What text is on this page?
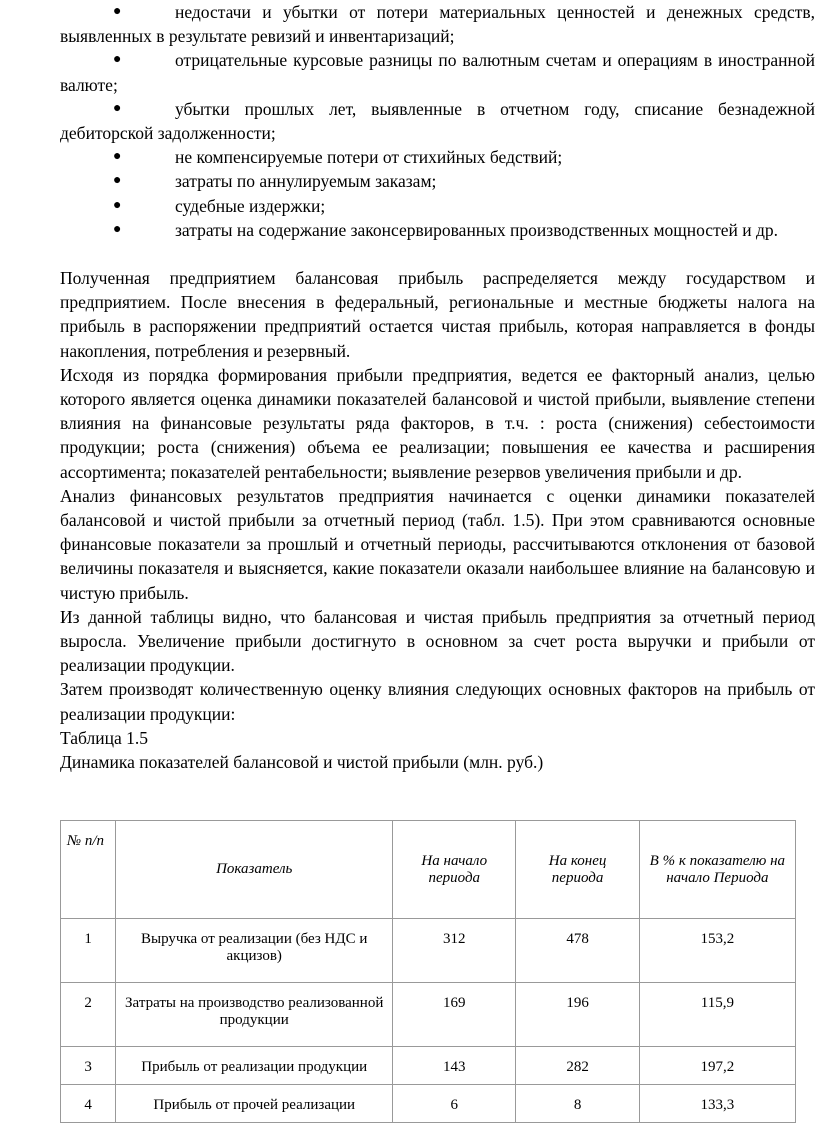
●	недостачи и убытки от потери материальных ценностей и денежных средств, выявленных в результате ревизий и инвентаризаций;
●	отрицательные курсовые разницы по валютным счетам и операциям в иностранной валюте;
●	убытки прошлых лет, выявленные в отчетном году, списание безнадежной дебиторской задолженности;
●	не компенсируемые потери от стихийных бедствий;
●	затраты по аннулируемым заказам;
●	судебные издержки;
●	затраты на содержание законсервированных производственных мощностей и др.

Полученная предприятием балансовая прибыль распределяется между государством и предприятием. После внесения в федеральный, региональные и местные бюджеты налога на прибыль в распоряжении предприятий остается чистая прибыль, которая направляется в фонды накопления, потребления и резервный.

Исходя из порядка формирования прибыли предприятия, ведется ее факторный анализ, целью которого является оценка динамики показателей балансовой и чистой прибыли, выявление степени влияния на финансовые результаты ряда факторов, в т.ч. : роста (снижения) себестоимости продукции; роста (снижения) объема ее реализации; повышения ее качества и расширения ассортимента; показателей рентабельности; выявление резервов увеличения прибыли и др.

Анализ финансовых результатов предприятия начинается с оценки динамики показателей балансовой и чистой прибыли за отчетный период (табл. 1.5). При этом сравниваются основные финансовые показатели за прошлый и отчетный периоды, рассчитываются отклонения от базовой величины показателя и выясняется, какие показатели оказали наибольшее влияние на балансовую и чистую прибыль.

Из данной таблицы видно, что балансовая и чистая прибыль предприятия за отчетный период выросла. Увеличение прибыли достигнуто в основном за счет роста выручки и прибыли от реализации продукции.

Затем производят количественную оценку влияния следующих основных факторов на прибыль от реализации продукции:

Таблица 1.5

Динамика показателей балансовой и чистой прибыли (млн. руб.)

№ п/п	Показатель	На начало периода	На конец периода	В % к показателю на начало Периода
1	Выручка от реализации (без НДС и акцизов)	312	478	153,2
2	Затраты на производство реализованной продукции	169	196	115,9
3	Прибыль от реализации продукции	143	282	197,2
4	Прибыль от прочей реализации	6	8	133,3
